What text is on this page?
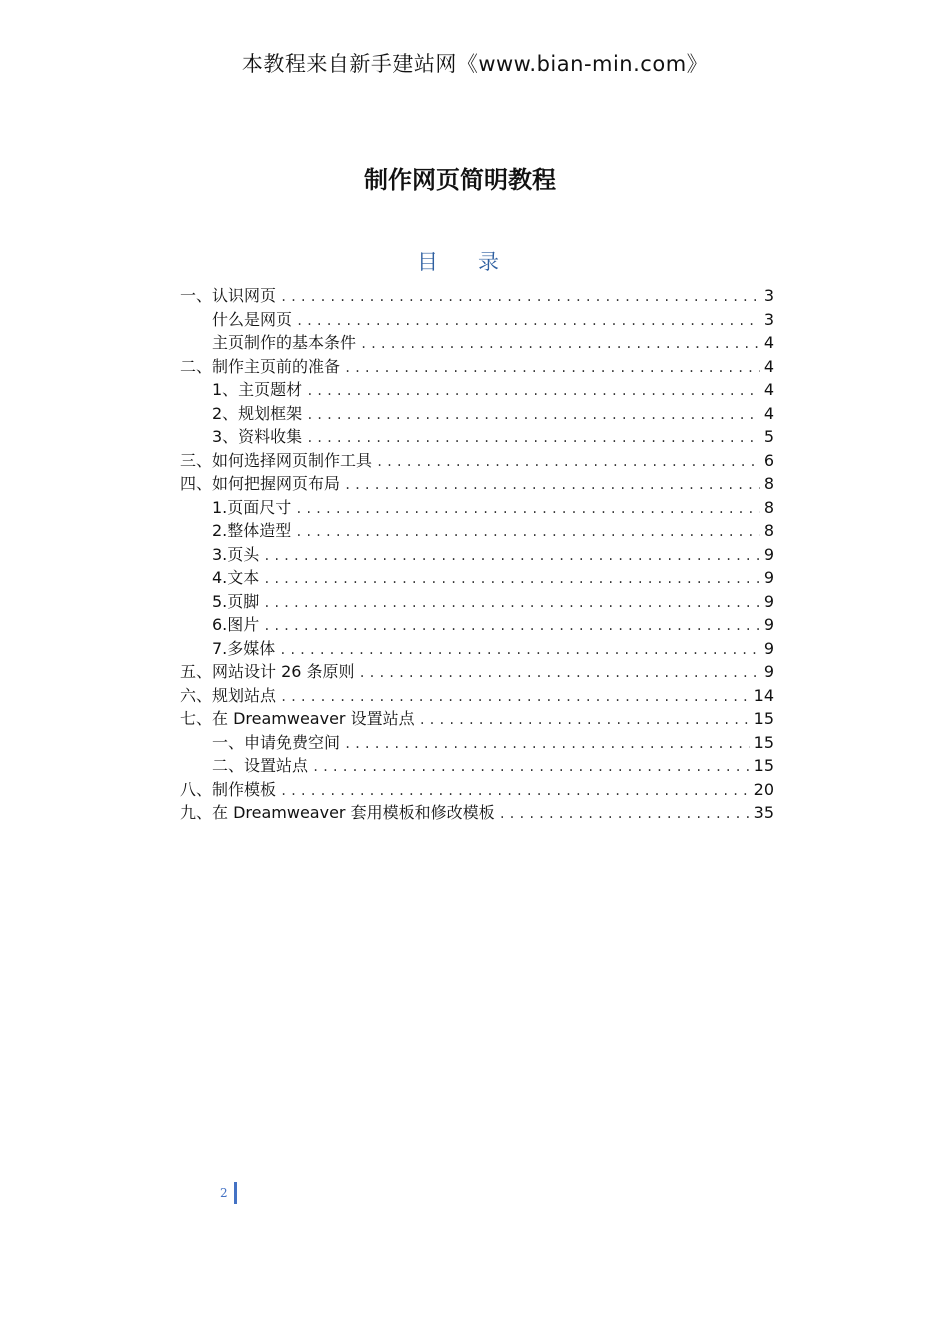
本教程来自新手建站网《www.bian-min.com》
制作网页简明教程
目录
一、认识网页 .....	3
什么是网页 .....	3
主页制作的基本条件 .....	4
二、制作主页前的准备 .....	4
1、主页题材 .....	4
2、规划框架 .....	4
3、资料收集 .....	5
三、如何选择网页制作工具 .....	6
四、如何把握网页布局 .....	8
1.页面尺寸 .....	8
2.整体造型 .....	8
3.页头 .....	9
4.文本 .....	9
5.页脚 .....	9
6.图片 .....	9
7.多媒体 .....	9
五、网站设计 26 条原则 .....	9
六、规划站点 .....	14
七、在 Dreamweaver 设置站点 .....	15
一、申请免费空间 .....	15
二、设置站点 .....	15
八、制作模板 .....	20
九、在 Dreamweaver 套用模板和修改模板 .....	35
2
